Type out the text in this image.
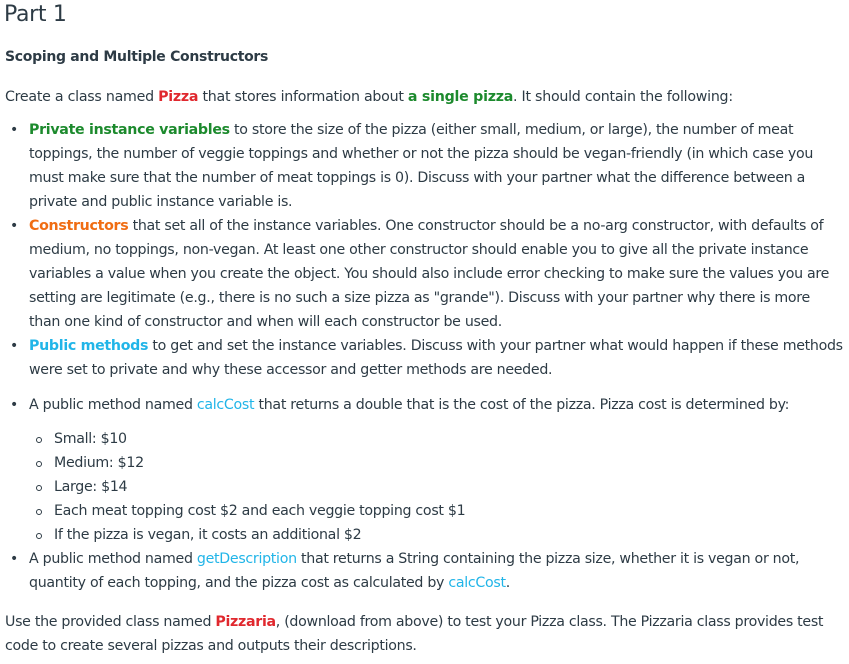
Part 1
Scoping and Multiple Constructors

Create a class named Pizza that stores information about a single pizza. It should contain the following:

• Private instance variables to store the size of the pizza (either small, medium, or large), the number of meat toppings, the number of veggie toppings and whether or not the pizza should be vegan-friendly (in which case you must make sure that the number of meat toppings is 0). Discuss with your partner what the difference between a private and public instance variable is.
• Constructors that set all of the instance variables. One constructor should be a no-arg constructor, with defaults of medium, no toppings, non-vegan. At least one other constructor should enable you to give all the private instance variables a value when you create the object. You should also include error checking to make sure the values you are setting are legitimate (e.g., there is no such a size pizza as "grande"). Discuss with your partner why there is more than one kind of constructor and when will each constructor be used.
• Public methods to get and set the instance variables. Discuss with your partner what would happen if these methods were set to private and why these accessor and getter methods are needed.
• A public method named calcCost that returns a double that is the cost of the pizza. Pizza cost is determined by:
Small: $10
Medium: $12
Large: $14
Each meat topping cost $2 and each veggie topping cost $1
If the pizza is vegan, it costs an additional $2
• A public method named getDescription that returns a String containing the pizza size, whether it is vegan or not, quantity of each topping, and the pizza cost as calculated by calcCost.

Use the provided class named Pizzaria, (download from above) to test your Pizza class. The Pizzaria class provides test code to create several pizzas and outputs their descriptions.
